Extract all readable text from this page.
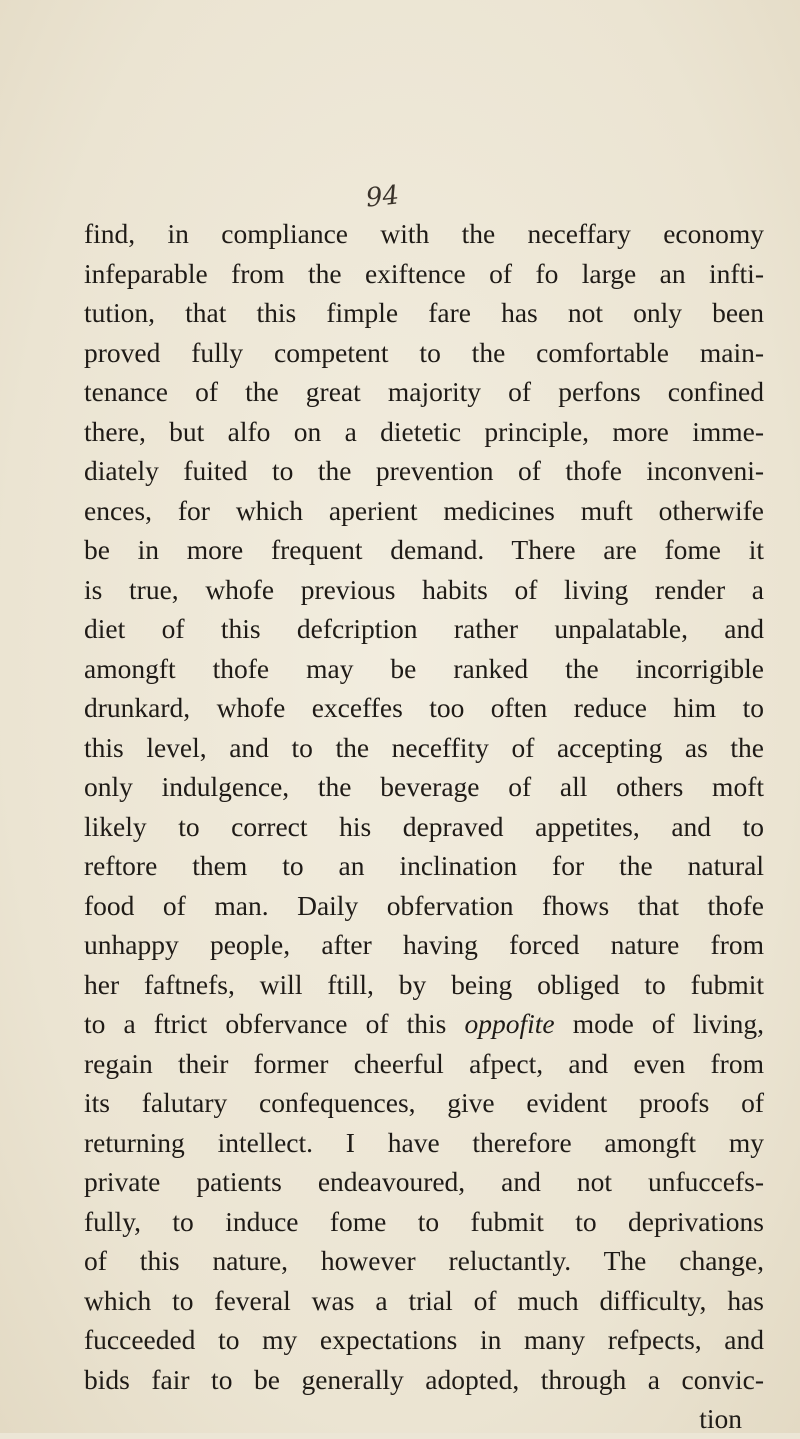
94
find, in compliance with the neceffary economy
infeparable from the exiftence of fo large an infti-
tution, that this fimple fare has not only been
proved fully competent to the comfortable main-
tenance of the great majority of perfons confined
there, but alfo on a dietetic principle, more imme-
diately fuited to the prevention of thofe inconveni-
ences, for which aperient medicines muft otherwife
be in more frequent demand. There are fome it
is true, whofe previous habits of living render a
diet of this defcription rather unpalatable, and
amongft thofe may be ranked the incorrigible
drunkard, whofe exceffes too often reduce him to
this level, and to the neceffity of accepting as the
only indulgence, the beverage of all others moft
likely to correct his depraved appetites, and to
reftore them to an inclination for the natural
food of man. Daily obfervation fhows that thofe
unhappy people, after having forced nature from
her faftnefs, will ftill, by being obliged to fubmit
to a ftrict obfervance of this oppofite mode of living,
regain their former cheerful afpect, and even from
its falutary confequences, give evident proofs of
returning intellect. I have therefore amongft my
private patients endeavoured, and not unfuccefs-
fully, to induce fome to fubmit to deprivations
of this nature, however reluctantly. The change,
which to feveral was a trial of much difficulty, has
fucceeded to my expectations in many refpects, and
bids fair to be generally adopted, through a convic-
tion
